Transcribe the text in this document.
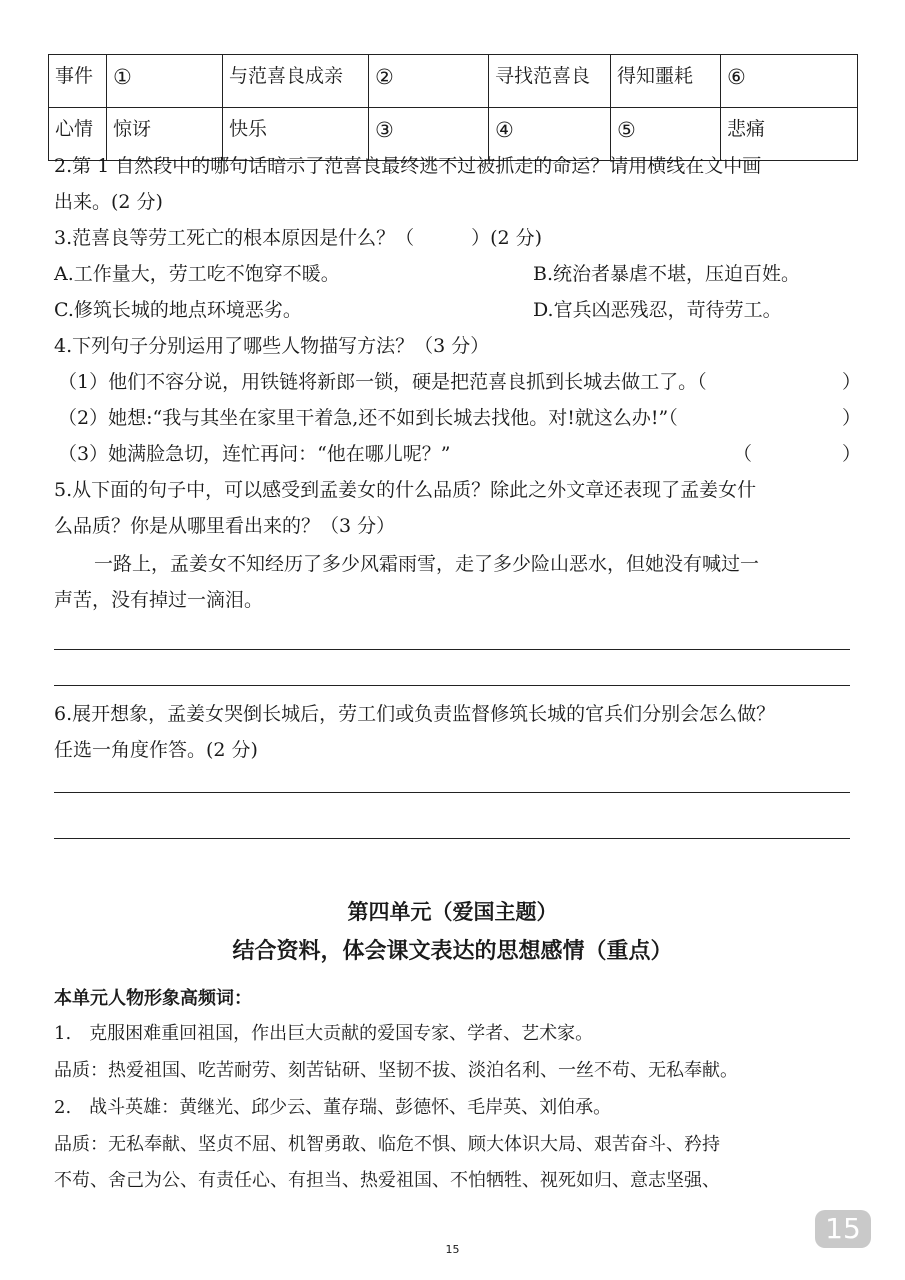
事件	①	与范喜良成亲	②	寻找范喜良	得知噩耗	⑥
心情	惊讶	快乐	③	④	⑤	悲痛
2.第 1 自然段中的哪句话暗示了范喜良最终逃不过被抓走的命运？请用横线在文中画
出来。(2 分)
3.范喜良等劳工死亡的根本原因是什么？（　　　）(2 分)
A.工作量大，劳工吃不饱穿不暖。	B.统治者暴虐不堪，压迫百姓。
C.修筑长城的地点环境恶劣。	D.官兵凶恶残忍，苛待劳工。
4.下列句子分别运用了哪些人物描写方法？（3 分）
（1）他们不容分说，用铁链将新郎一锁，硬是把范喜良抓到长城去做工了。（	）
（2）她想:“我与其坐在家里干着急,还不如到长城去找他。对!就这么办!”（	）
（3）她满脸急切，连忙再问：“他在哪儿呢？”	（	）
5.从下面的句子中，可以感受到孟姜女的什么品质？除此之外文章还表现了孟姜女什
么品质？你是从哪里看出来的？（3 分）
一路上，孟姜女不知经历了多少风霜雨雪，走了多少险山恶水，但她没有喊过一
声苦，没有掉过一滴泪。
6.展开想象，孟姜女哭倒长城后，劳工们或负责监督修筑长城的官兵们分别会怎么做？
任选一角度作答。(2 分)
第四单元（爱国主题）
结合资料，体会课文表达的思想感情（重点）
本单元人物形象高频词：
1.　克服困难重回祖国，作出巨大贡献的爱国专家、学者、艺术家。
品质：热爱祖国、吃苦耐劳、刻苦钻研、坚韧不拔、淡泊名利、一丝不苟、无私奉献。
2.　战斗英雄：黄继光、邱少云、董存瑞、彭德怀、毛岸英、刘伯承。
品质：无私奉献、坚贞不屈、机智勇敢、临危不惧、顾大体识大局、艰苦奋斗、矜持
不苟、舍己为公、有责任心、有担当、热爱祖国、不怕牺牲、视死如归、意志坚强、
15
15
